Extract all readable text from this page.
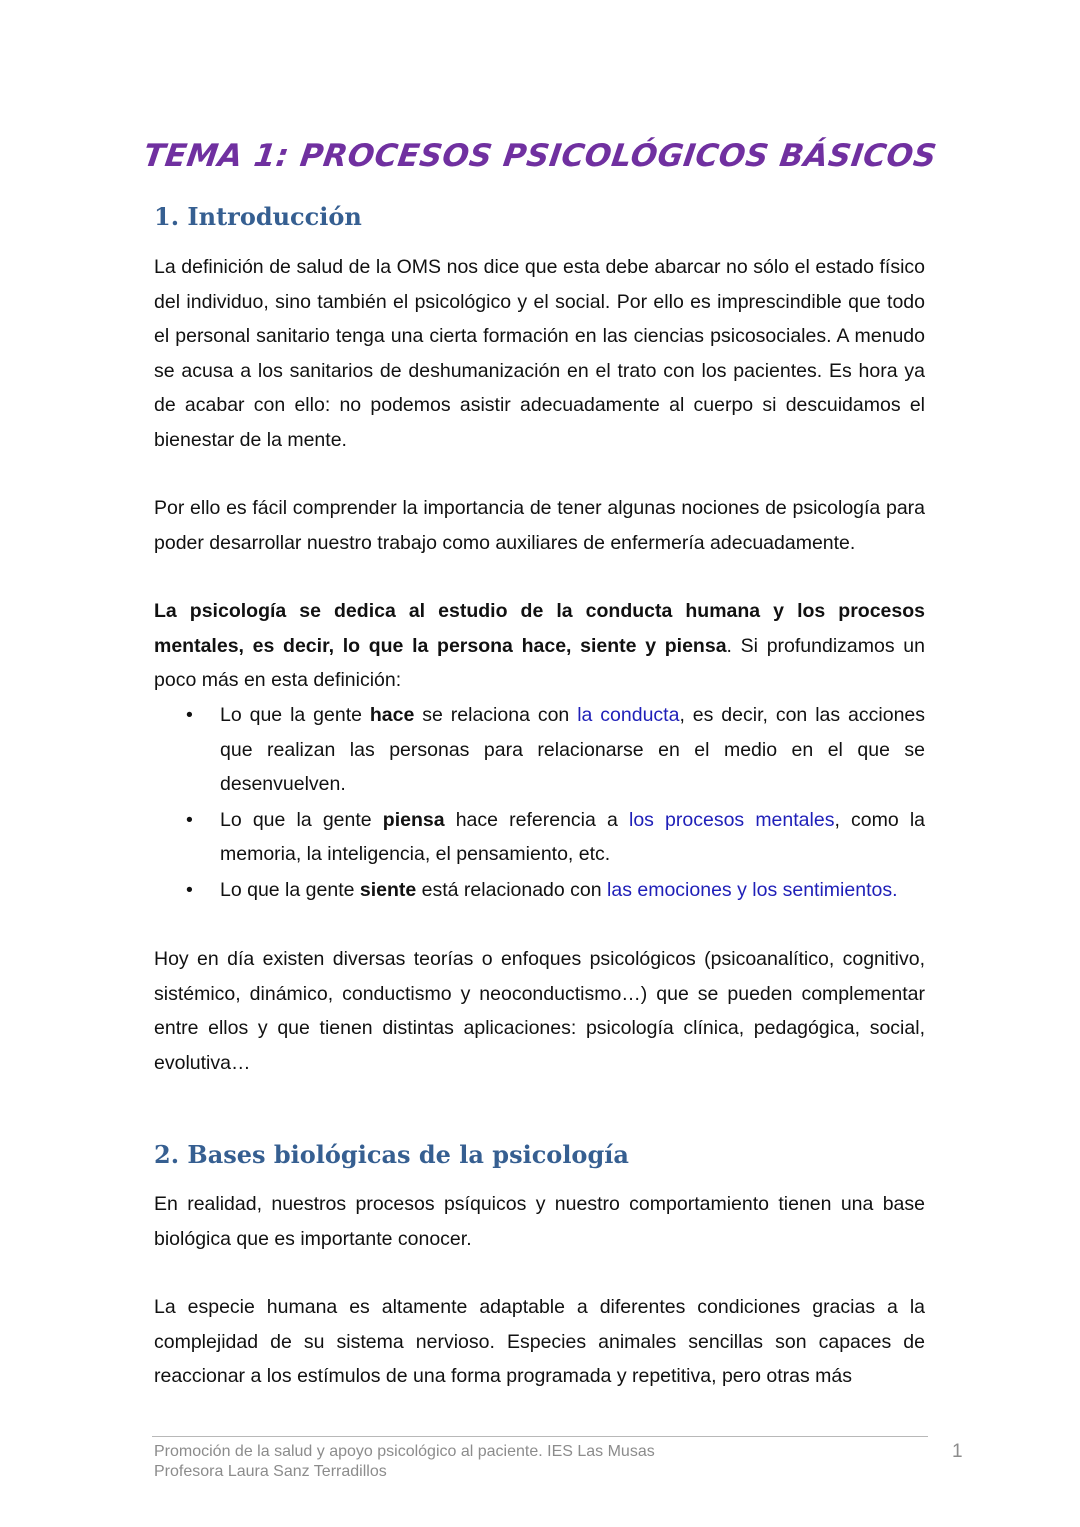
TEMA 1: PROCESOS PSICOLÓGICOS BÁSICOS
1. Introducción

La definición de salud de la OMS nos dice que esta debe abarcar no sólo el estado físico del individuo, sino también el psicológico y el social. Por ello es imprescindible que todo el personal sanitario tenga una cierta formación en las ciencias psicosociales. A menudo se acusa a los sanitarios de deshumanización en el trato con los pacientes. Es hora ya de acabar con ello: no podemos asistir adecuadamente al cuerpo si descuidamos el bienestar de la mente.

Por ello es fácil comprender la importancia de tener algunas nociones de psicología para poder desarrollar nuestro trabajo como auxiliares de enfermería adecuadamente.

La psicología se dedica al estudio de la conducta humana y los procesos mentales, es decir, lo que la persona hace, siente y piensa. Si profundizamos un poco más en esta definición:

• Lo que la gente hace se relaciona con la conducta, es decir, con las acciones que realizan las personas para relacionarse en el medio en el que se desenvuelven.
• Lo que la gente piensa hace referencia a los procesos mentales, como la memoria, la inteligencia, el pensamiento, etc.
• Lo que la gente siente está relacionado con las emociones y los sentimientos.

Hoy en día existen diversas teorías o enfoques psicológicos (psicoanalítico, cognitivo, sistémico, dinámico, conductismo y neoconductismo…) que se pueden complementar entre ellos y que tienen distintas aplicaciones: psicología clínica, pedagógica, social, evolutiva…

2. Bases biológicas de la psicología

En realidad, nuestros procesos psíquicos y nuestro comportamiento tienen una base biológica que es importante conocer.

La especie humana es altamente adaptable a diferentes condiciones gracias a la complejidad de su sistema nervioso. Especies animales sencillas son capaces de reaccionar a los estímulos de una forma programada y repetitiva, pero otras más

Promoción de la salud y apoyo psicológico al paciente. IES Las Musas
Profesora Laura Sanz Terradillos
1
